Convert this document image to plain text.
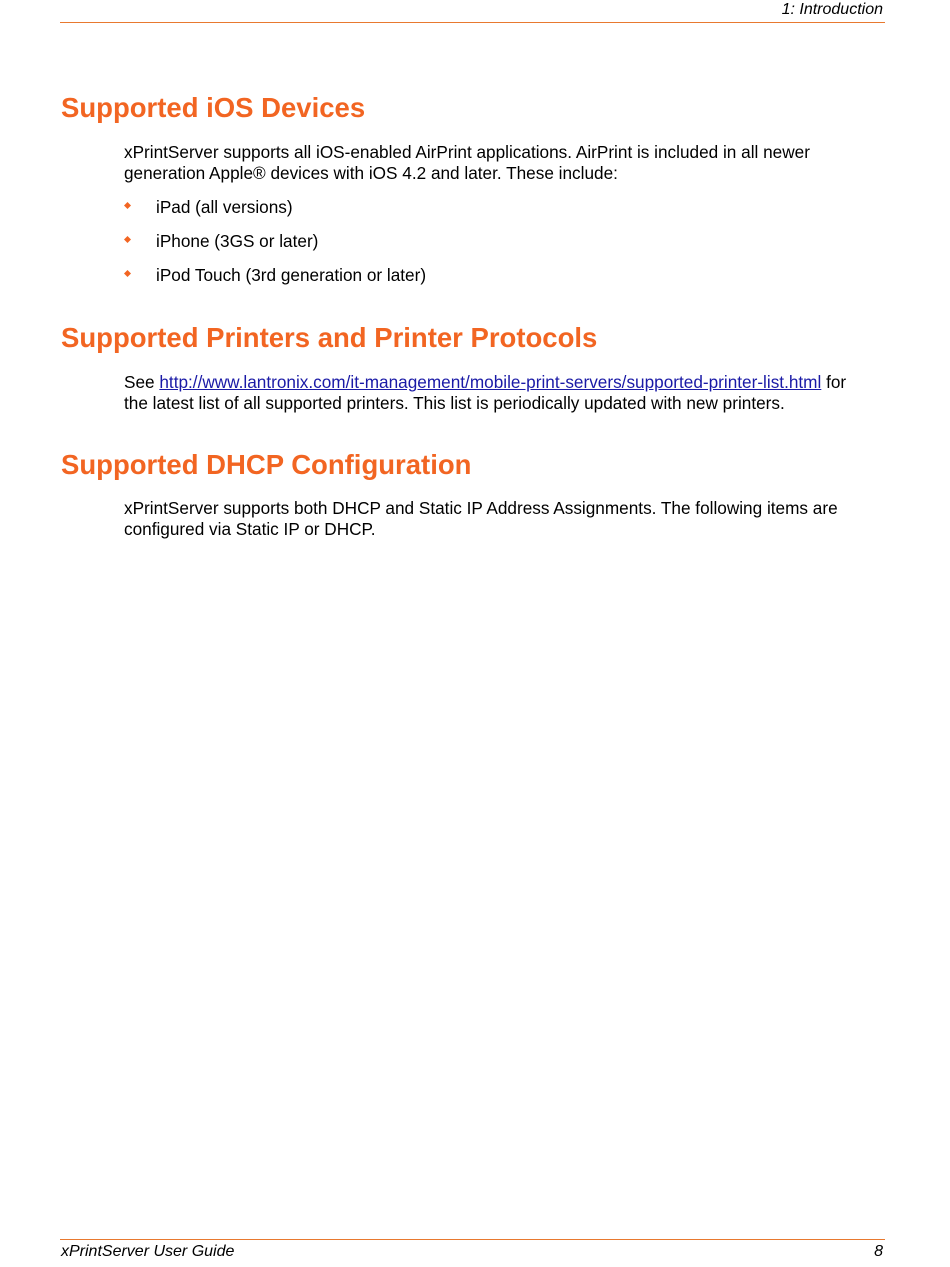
1: Introduction
Supported iOS Devices
xPrintServer supports all iOS-enabled AirPrint applications. AirPrint is included in all newer
generation Apple® devices with iOS 4.2 and later. These include:
iPad (all versions)
iPhone (3GS or later)
iPod Touch (3rd generation or later)
Supported Printers and Printer Protocols
See http://www.lantronix.com/it-management/mobile-print-servers/supported-printer-list.html for
the latest list of all supported printers. This list is periodically updated with new printers.
Supported DHCP Configuration
xPrintServer supports both DHCP and Static IP Address Assignments. The following items are
configured via Static IP or DHCP.
xPrintServer User Guide	8
